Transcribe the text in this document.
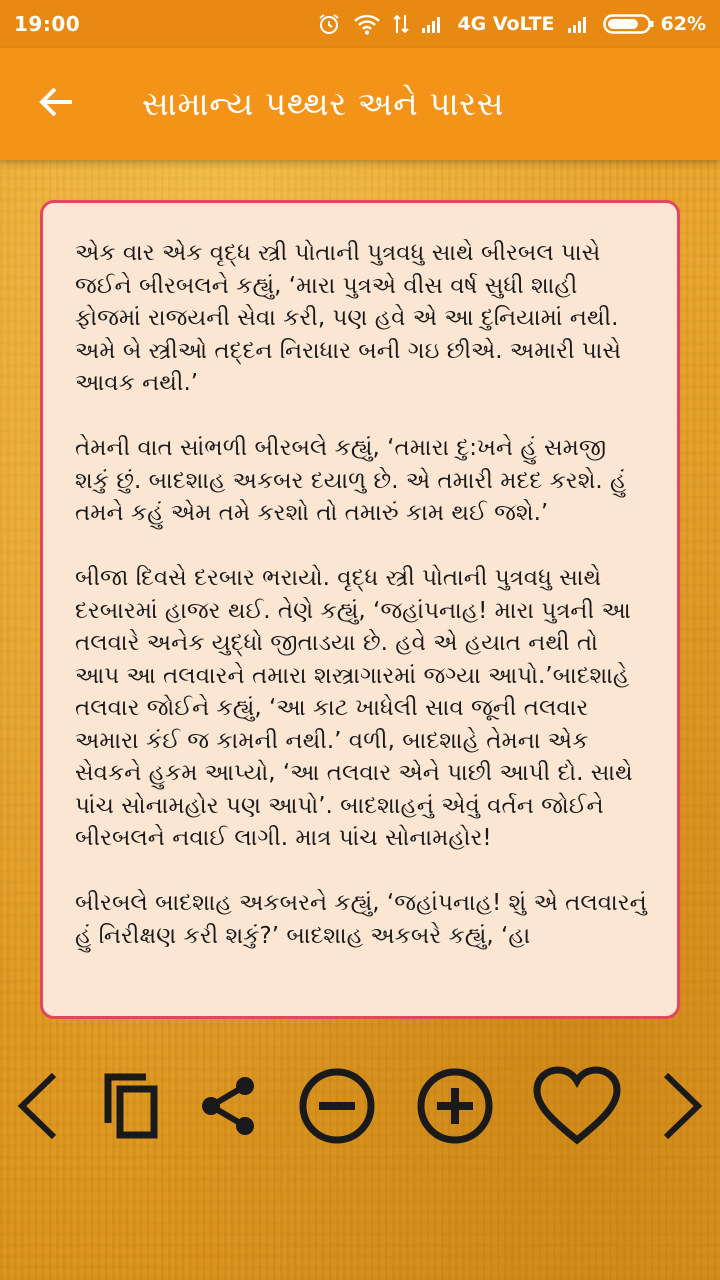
19:00	4G VoLTE	62%
સામાન્ય પથ્થર અને પારસ

એક વાર એક વૃદ્ધ સ્ત્રી પોતાની પુત્રવધુ સાથે બીરબલ પાસે જઈને બીરબલને કહ્યું, ‘મારા પુત્રએ વીસ વર્ષ સુધી શાહી ફોજમાં રાજયની સેવા કરી, પણ હવે એ આ દુનિયામાં નથી. અમે બે સ્ત્રીઓ તદ્દન નિરાધાર બની ગઇ છીએ. અમારી પાસે આવક નથી.’

તેમની વાત સાંભળી બીરબલે કહ્યું, ‘તમારા દુ:ખને હું સમજી શકું છું. બાદશાહ અકબર દયાળુ છે. એ તમારી મદદ કરશે. હું તમને કહું એમ તમે કરશો તો તમારું કામ થઈ જશે.’

બીજા દિવસે દરબાર ભરાયો. વૃદ્ધ સ્ત્રી પોતાની પુત્રવધુ સાથે દરબારમાં હાજર થઈ. તેણે કહ્યું, ‘જહાંપનાહ! મારા પુત્રની આ તલવારે અનેક યુદ્ધો જીતાડયા છે. હવે એ હયાત નથી તો આપ આ તલવારને તમારા શસ્ત્રાગારમાં જગ્યા આપો.’બાદશાહે તલવાર જોઈને કહ્યું, ‘આ કાટ ખાધેલી સાવ જૂની તલવાર અમારા કંઈ જ કામની નથી.’ વળી, બાદશાહે તેમના એક સેવકને હુકમ આપ્યો, ‘આ તલવાર એને પાછી આપી દો. સાથે પાંચ સોનામહોર પણ આપો’. બાદશાહનું એવું વર્તન જોઈને બીરબલને નવાઈ લાગી. માત્ર પાંચ સોનામહોર!

બીરબલે બાદશાહ અકબરને કહ્યું, ‘જહાંપનાહ! શું એ તલવારનું હું નિરીક્ષણ કરી શકું?’ બાદશાહ અકબરે કહ્યું, ‘હા
